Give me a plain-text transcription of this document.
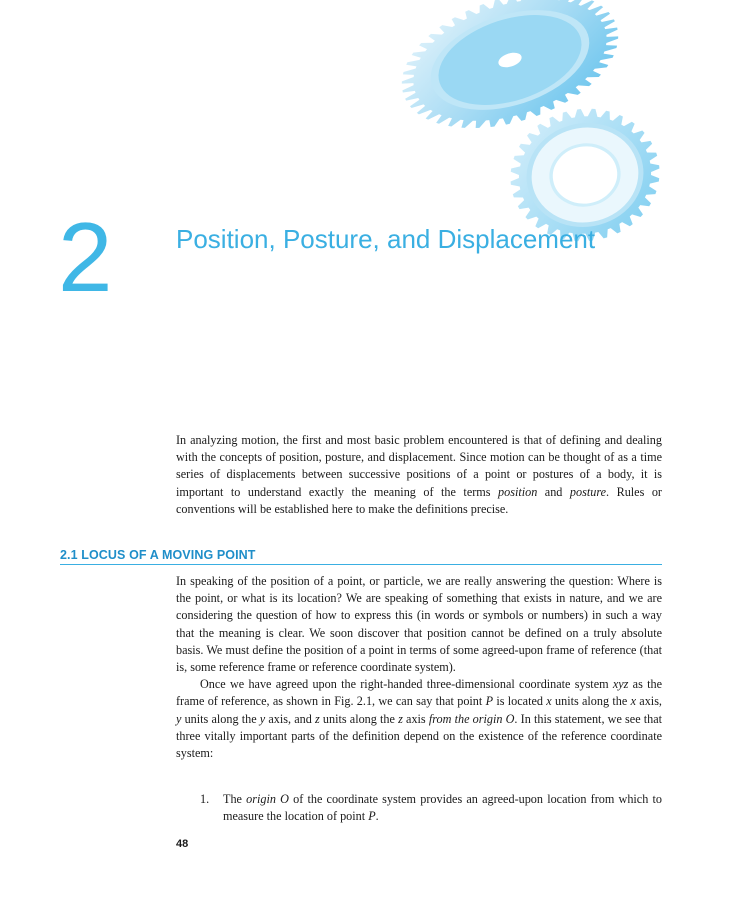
2 Position, Posture, and Displacement

In analyzing motion, the first and most basic problem encountered is that of defining and dealing with the concepts of position, posture, and displacement. Since motion can be thought of as a time series of displacements between successive positions of a point or postures of a body, it is important to understand exactly the meaning of the terms position and posture. Rules or conventions will be established here to make the definitions precise.

2.1 LOCUS OF A MOVING POINT

In speaking of the position of a point, or particle, we are really answering the question: Where is the point, or what is its location? We are speaking of something that exists in nature, and we are considering the question of how to express this (in words or symbols or numbers) in such a way that the meaning is clear. We soon discover that position cannot be defined on a truly absolute basis. We must define the position of a point in terms of some agreed-upon frame of reference (that is, some reference frame or reference coordinate system).

Once we have agreed upon the right-handed three-dimensional coordinate system xyz as the frame of reference, as shown in Fig. 2.1, we can say that point P is located x units along the x axis, y units along the y axis, and z units along the z axis from the origin O. In this statement, we see that three vitally important parts of the definition depend on the existence of the reference coordinate system:

1. The origin O of the coordinate system provides an agreed-upon location from which to measure the location of point P.
48
